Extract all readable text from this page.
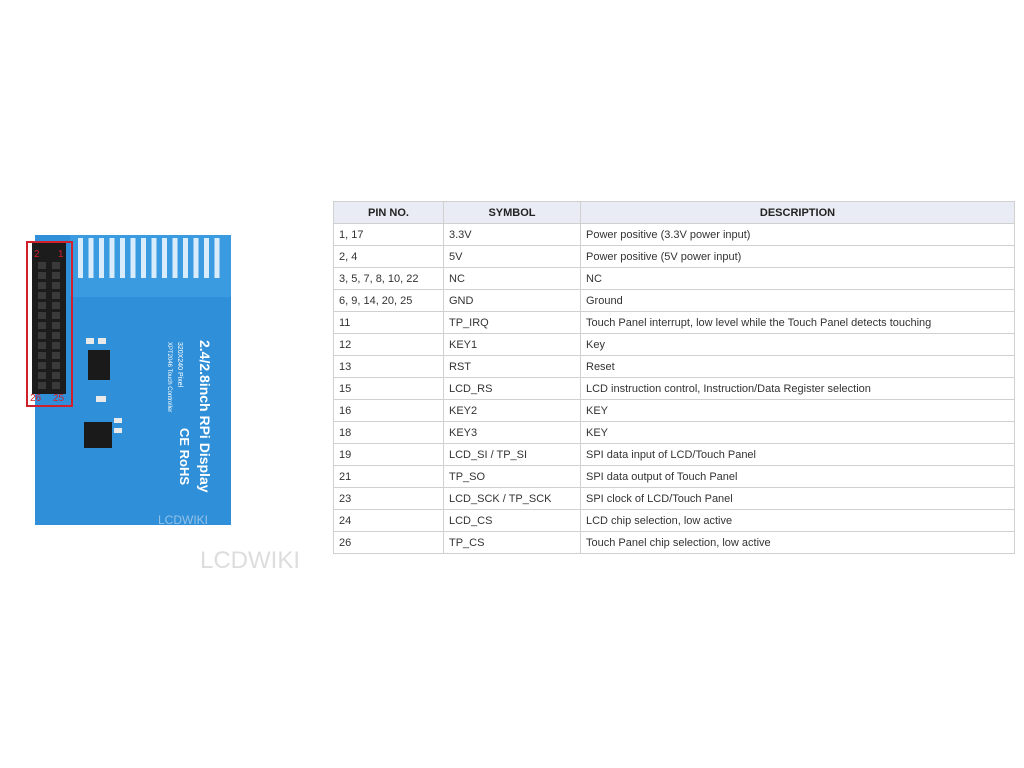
2 1
26 25	2.4/2.8inch RPi Display
320X240 Pixel
XPT2046 Touch Controller
CE RoHS
LCDWIKI
LCDWIKI
PIN NO.	SYMBOL	DESCRIPTION
1, 17	3.3V	Power positive (3.3V power input)
2, 4	5V	Power positive (5V power input)
3, 5, 7, 8, 10, 22	NC	NC
6, 9, 14, 20, 25	GND	Ground
11	TP_IRQ	Touch Panel interrupt, low level while the Touch Panel detects touching
12	KEY1	Key
13	RST	Reset
15	LCD_RS	LCD instruction control, Instruction/Data Register selection
16	KEY2	KEY
18	KEY3	KEY
19	LCD_SI / TP_SI	SPI data input of LCD/Touch Panel
21	TP_SO	SPI data output of Touch Panel
23	LCD_SCK / TP_SCK	SPI clock of LCD/Touch Panel
24	LCD_CS	LCD chip selection, low active
26	TP_CS	Touch Panel chip selection, low active
